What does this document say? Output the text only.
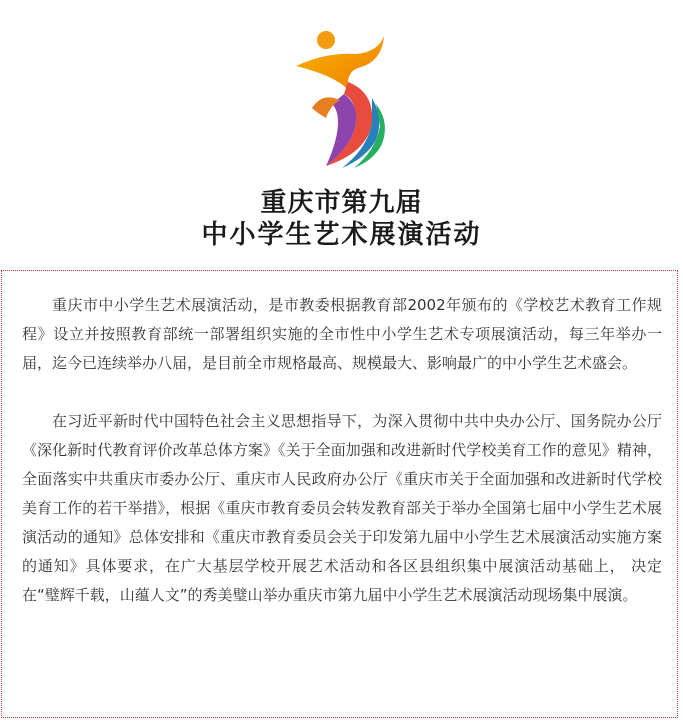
重庆市第九届
中小学生艺术展演活动

重庆市中小学生艺术展演活动，是市教委根据教育部2002年颁布的《学校艺术教育工作规程》设立并按照教育部统一部署组织实施的全市性中小学生艺术专项展演活动，每三年举办一届，迄今已连续举办八届，是目前全市规格最高、规模最大、影响最广的中小学生艺术盛会。

在习近平新时代中国特色社会主义思想指导下，为深入贯彻中共中央办公厅、国务院办公厅《深化新时代教育评价改革总体方案》《关于全面加强和改进新时代学校美育工作的意见》精神，全面落实中共重庆市委办公厅、重庆市人民政府办公厅《重庆市关于全面加强和改进新时代学校美育工作的若干举措》，根据《重庆市教育委员会转发教育部关于举办全国第七届中小学生艺术展演活动的通知》总体安排和《重庆市教育委员会关于印发第九届中小学生艺术展演活动实施方案的通知》具体要求，在广大基层学校开展艺术活动和各区县组织集中展演活动基础上， 决定在“璧辉千载，山蕴人文”的秀美璧山举办重庆市第九届中小学生艺术展演活动现场集中展演。
